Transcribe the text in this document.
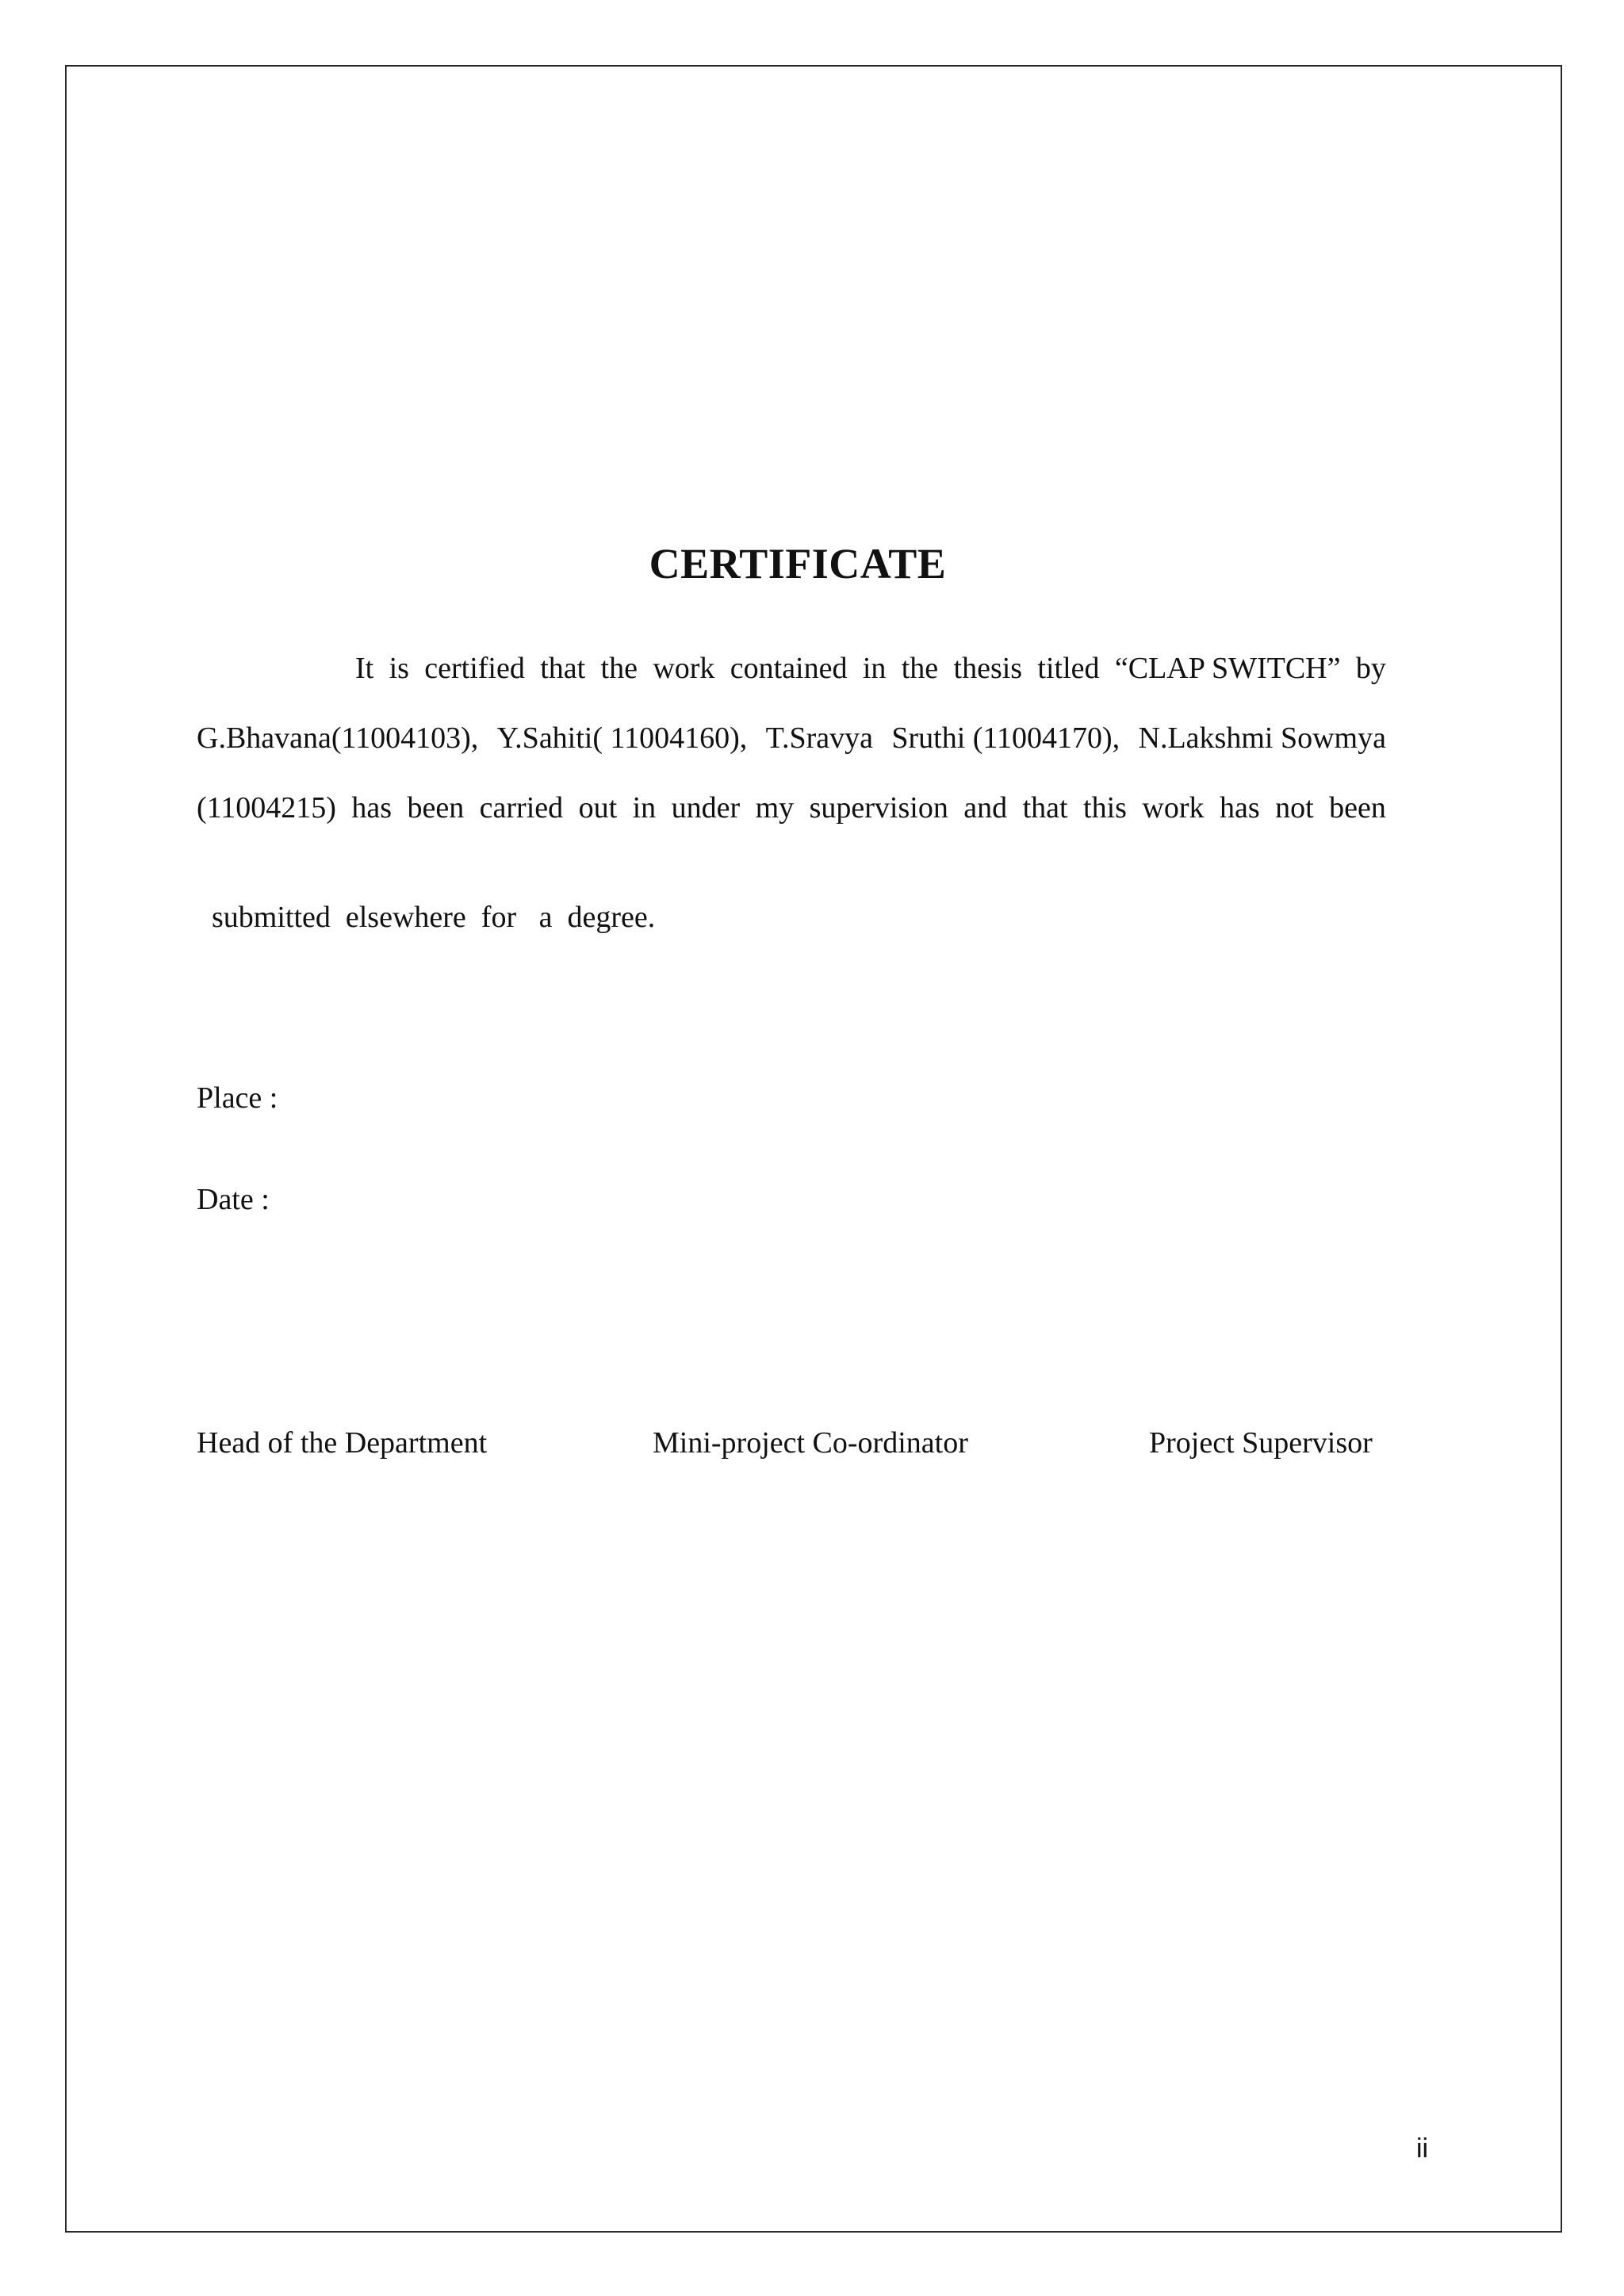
CERTIFICATE
It is certified that the work contained in the thesis titled “CLAP SWITCH” by
G.Bhavana(11004103), Y.Sahiti( 11004160), T.Sravya Sruthi (11004170), N.Lakshmi Sowmya
(11004215) has been carried out in under my supervision and that this work has not been

submitted  elsewhere  for   a  degree.

Place :
Date :
Head of the Department	Mini-project Co-ordinator	Project Supervisor
ii
